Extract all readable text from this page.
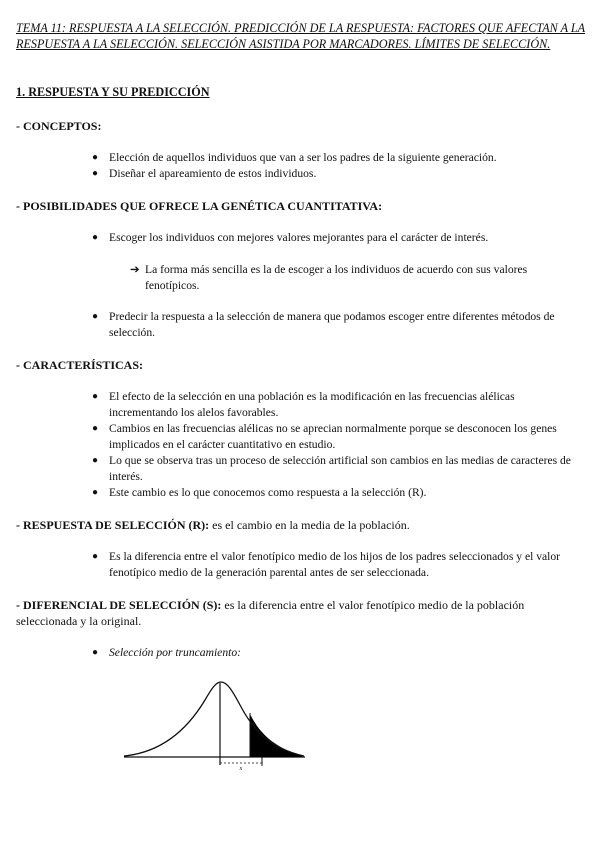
TEMA 11: RESPUESTA A LA SELECCIÓN. PREDICCIÓN DE LA RESPUESTA: FACTORES QUE AFECTAN A LA RESPUESTA A LA SELECCIÓN. SELECCIÓN ASISTIDA POR MARCADORES. LÍMITES DE SELECCIÓN.
1. RESPUESTA Y SU PREDICCIÓN
- CONCEPTOS:
● Elección de aquellos individuos que van a ser los padres de la siguiente generación.
● Diseñar el apareamiento de estos individuos.
- POSIBILIDADES QUE OFRECE LA GENÉTICA CUANTITATIVA:
● Escoger los individuos con mejores valores mejorantes para el carácter de interés.
➔ La forma más sencilla es la de escoger a los individuos de acuerdo con sus valores fenotípicos.
● Predecir la respuesta a la selección de manera que podamos escoger entre diferentes métodos de selección.
- CARACTERÍSTICAS:
● El efecto de la selección en una población es la modificación en las frecuencias alélicas incrementando los alelos favorables.
● Cambios en las frecuencias alélicas no se aprecian normalmente porque se desconocen los genes implicados en el carácter cuantitativo en estudio.
● Lo que se observa tras un proceso de selección artificial son cambios en las medias de caracteres de interés.
● Este cambio es lo que conocemos como respuesta a la selección (R).
- RESPUESTA DE SELECCIÓN (R): es el cambio en la media de la población.
● Es la diferencia entre el valor fenotípico medio de los hijos de los padres seleccionados y el valor fenotípico medio de la generación parental antes de ser seleccionada.
- DIFERENCIAL DE SELECCIÓN (S): es la diferencia entre el valor fenotípico medio de la población seleccionada y la original.
● Selección por truncamiento:
x
